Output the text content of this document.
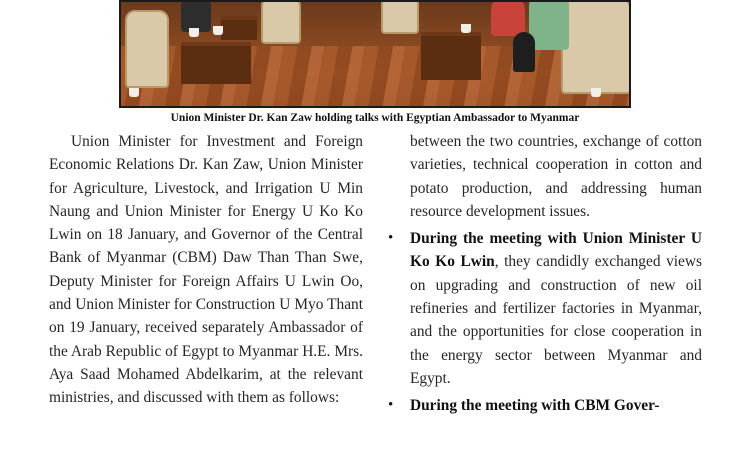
Union Minister Dr. Kan Zaw holding talks with Egyptian Ambassador to Myanmar

Union Minister for Investment and Foreign Economic Relations Dr. Kan Zaw, Union Minister for Agriculture, Livestock, and Irrigation U Min Naung and Union Minister for Energy U Ko Ko Lwin on 18 January, and Governor of the Central Bank of Myanmar (CBM) Daw Than Than Swe, Deputy Minister for Foreign Affairs U Lwin Oo, and Union Minister for Construction U Myo Thant on 19 January, received separately Ambassador of the Arab Republic of Egypt to Myanmar H.E. Mrs. Aya Saad Mohamed Abdelkarim, at the relevant ministries, and discussed with them as follows:

between the two countries, exchange of cotton varieties, technical cooperation in cotton and potato production, and addressing human resource development issues.

• During the meeting with Union Minister U Ko Ko Lwin, they candidly exchanged views on upgrading and construction of new oil refineries and fertilizer factories in Myanmar, and the opportunities for close cooperation in the energy sector between Myanmar and Egypt.

• During the meeting with CBM Gover-
